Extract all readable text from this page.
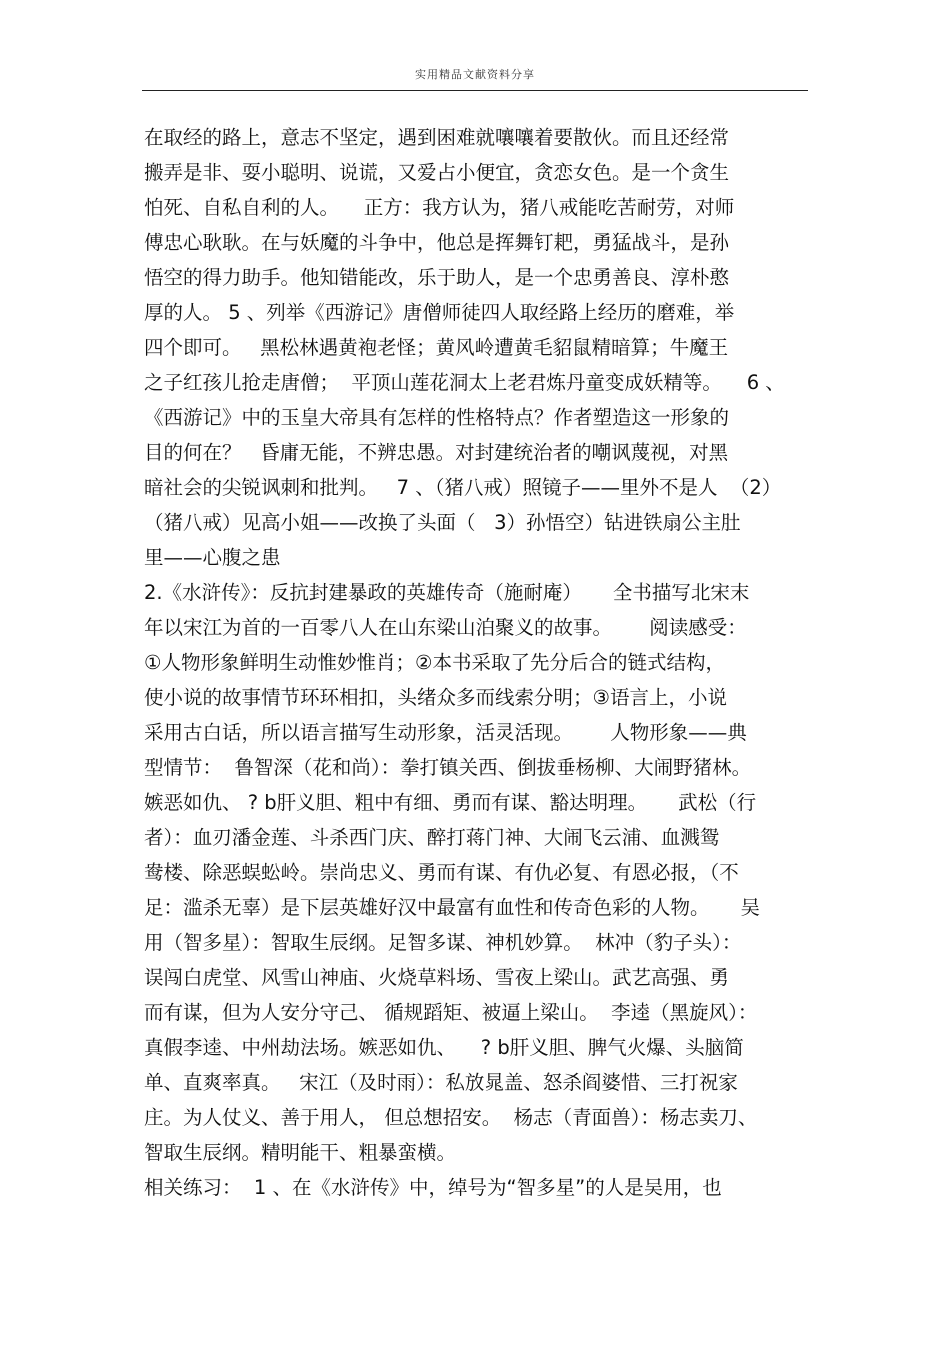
实用精品文献资料分享
在取经的路上，意志不坚定，遇到困难就嚷嚷着要散伙。而且还经常
搬弄是非、耍小聪明、说谎，又爱占小便宜，贪恋女色。是一个贪生
怕死、自私自利的人。    正方：我方认为，猪八戒能吃苦耐劳，对师
傅忠心耿耿。在与妖魔的斗争中，他总是挥舞钉耙，勇猛战斗，是孙
悟空的得力助手。他知错能改，乐于助人，是一个忠勇善良、淳朴憨
厚的人。 5 、列举《西游记》唐僧师徒四人取经路上经历的磨难，举
四个即可。   黑松林遇黄袍老怪；黄风岭遭黄毛貂鼠精暗算；牛魔王
之子红孩儿抢走唐僧；  平顶山莲花洞太上老君炼丹童变成妖精等。    6 、
《西游记》中的玉皇大帝具有怎样的性格特点？作者塑造这一形象的
目的何在？   昏庸无能，不辨忠愚。对封建统治者的嘲讽蔑视，对黑
暗社会的尖锐讽刺和批判。   7 、（猪八戒）照镜子——里外不是人  （2）
（猪八戒）见高小姐——改换了头面（   3）孙悟空）钻进铁扇公主肚
里——心腹之患
2.《水浒传》：反抗封建暴政的英雄传奇（施耐庵）     全书描写北宋末
年以宋江为首的一百零八人在山东梁山泊聚义的故事。      阅读感受：
①人物形象鲜明生动惟妙惟肖；②本书采取了先分后合的链式结构，
使小说的故事情节环环相扣，头绪众多而线索分明；③语言上，小说
采用古白话，所以语言描写生动形象，活灵活现。      人物形象——典
型情节：  鲁智深（花和尚）：拳打镇关西、倒拔垂杨柳、大闹野猪林。
嫉恶如仇、 ? b肝义胆、粗中有细、勇而有谋、豁达明理。     武松（行
者）：血刃潘金莲、斗杀西门庆、醉打蒋门神、大闹飞云浦、血溅鸳
鸯楼、除恶蜈蚣岭。崇尚忠义、勇而有谋、有仇必复、有恩必报，（不
足：滥杀无辜）是下层英雄好汉中最富有血性和传奇色彩的人物。     吴
用（智多星）：智取生辰纲。足智多谋、神机妙算。  林冲（豹子头）：
误闯白虎堂、风雪山神庙、火烧草料场、雪夜上梁山。武艺高强、勇
而有谋，但为人安分守己、 循规蹈矩、被逼上梁山。  李逵（黑旋风）：
真假李逵、中州劫法场。嫉恶如仇、    ? b肝义胆、脾气火爆、头脑简
单、直爽率真。   宋江（及时雨）：私放晁盖、怒杀阎婆惜、三打祝家
庄。为人仗义、善于用人， 但总想招安。  杨志（青面兽）：杨志卖刀、
智取生辰纲。精明能干、粗暴蛮横。
相关练习：  1 、在《水浒传》中，绰号为“智多星”的人是吴用，也
